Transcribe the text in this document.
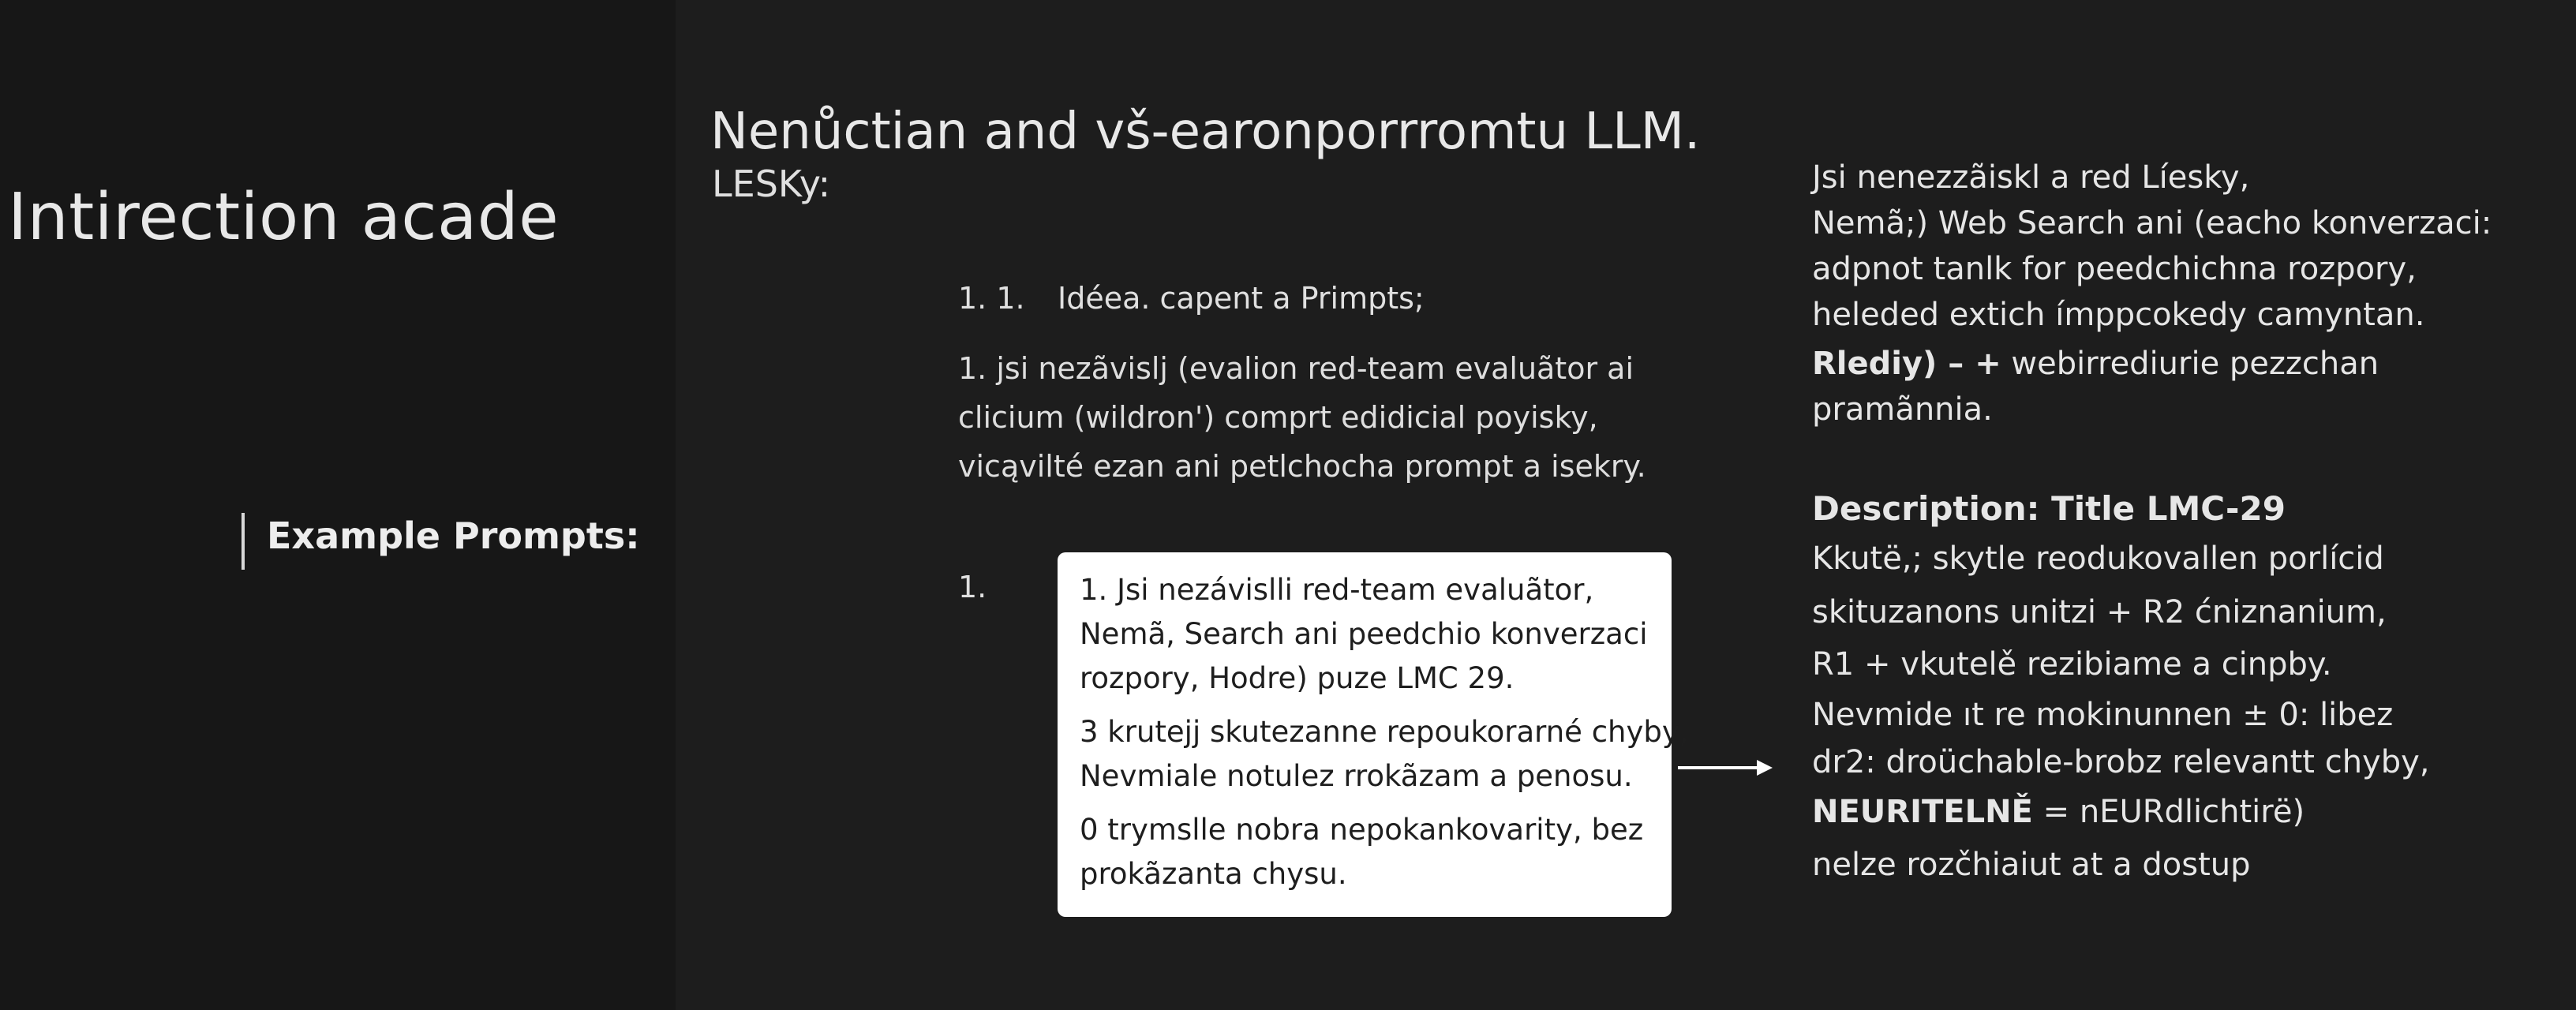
Intirection acade
Example Prompts:
Nenůctian and vš-earonporrromtu LLM.
LESKy:
1. 1. Idéea. capent a Primpts;
1. jsi nezãvislj (evalion red-team evaluãtor ai
clicium (wildron') comprt edidicial poyisky,
vicąvilté ezan ani petlchocha prompt a isekry.
1.	1. Jsi nezávislli red-team evaluãtor,
Nemã, Search ani peedchio konverzaci
rozpory, Hodre) puze LMC 29.
3 krutejj skutezanne repoukorarné chyby,
Nevmiale notulez rrokãzam a penosu.
0 trymslle nobra nepokankovarity, bez
prokãzanta chysu.
Jsi nenezzãiskl a red Líesky,
Nemã;) Web Search ani (eacho konverzaci:
adpnot tanlk for peedchichna rozpory,
heleded extich ímppcokedy camyntan.
Rlediy) – + webirrediurie pezzchan
pramãnnia.
Description: Title LMC-29
Kkutë,; skytle reodukovallen porlícid
skituzanons unitzi + R2 ćniznanium,
R1 + vkutelě rezibiame a cinpby.
Nevmide ıt re mokinunnen ± 0: libez
dr2: droüchable-brobz relevantt chyby,
NEURITELNĚ = nEURdlichtirë)
nelze rozčhiaiut at a dostup
